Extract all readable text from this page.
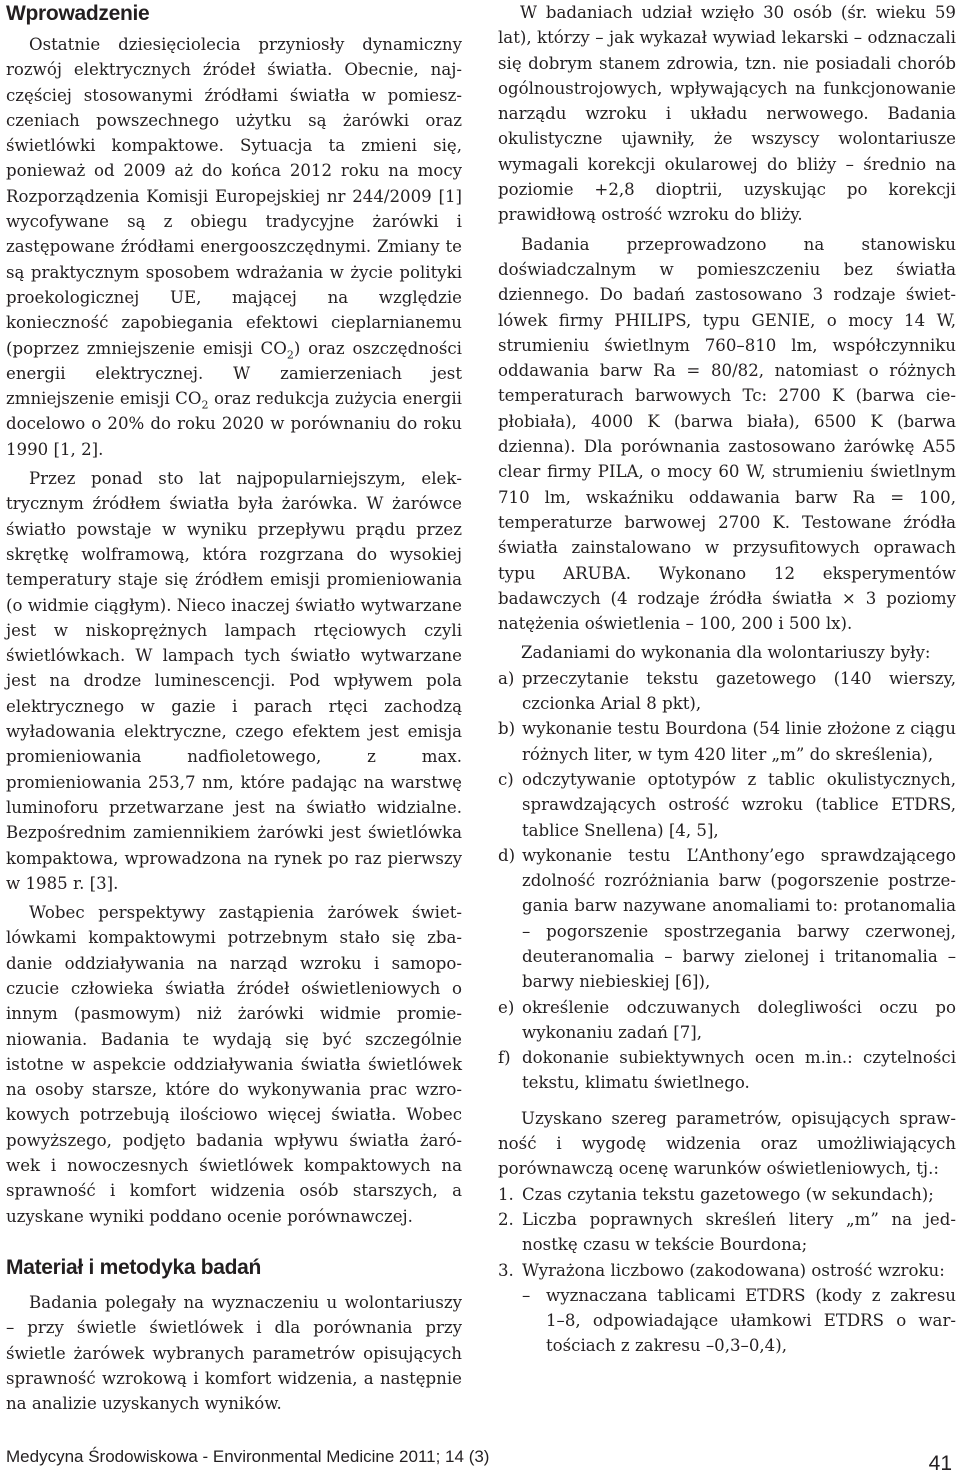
Wprowadzenie

Ostatnie dziesięciolecia przyniosły dynamiczny rozwój elektrycznych źródeł światła. Obecnie, najczęściej stosowanymi źródłami światła w pomieszczeniach powszechnego użytku są żarówki oraz świetlówki kompaktowe. Sytuacja ta zmieni się, ponieważ od 2009 aż do końca 2012 roku na mocy Rozporządzenia Komisji Europejskiej nr 244/2009 [1] wycofywane są z obiegu tradycyjne żarówki i zastępowane źródłami energooszczędnymi. Zmiany te są praktycznym sposobem wdrażania w życie polityki proekologicznej UE, mającej na względzie konieczność zapobiegania efektowi cieplarnianemu (poprzez zmniejszenie emisji $CO_2$) oraz oszczędności energii elektrycznej. W zamierzeniach jest zmniejszenie emisji $CO_2$ oraz redukcja zużycia energii docelowo o 20% do roku 2020 w porównaniu do roku 1990 [1, 2].

Przez ponad sto lat najpopularniejszym, elektrycznym źródłem światła była żarówka. W żarówce światło powstaje w wyniku przepływu prądu przez skrętkę wolframową, która rozgrzana do wysokiej temperatury staje się źródłem emisji promieniowania (o widmie ciągłym). Nieco inaczej światło wytwarzane jest w niskoprężnych lampach rtęciowych czyli świetlówkach. W lampach tych światło wytwarzane jest na drodze luminescencji. Pod wpływem pola elektrycznego w gazie i parach rtęci zachodzą wyładowania elektryczne, czego efektem jest emisja promieniowania nadfioletowego, z max. promieniowania 253,7 nm, które padając na warstwę luminoforu przetwarzane jest na światło widzialne. Bezpośrednim zamiennikiem żarówki jest świetlówka kompaktowa, wprowadzona na rynek po raz pierwszy w 1985 r. [3].

Wobec perspektywy zastąpienia żarówek świetlówkami kompaktowymi potrzebnym stało się zbadanie oddziaływania na narząd wzroku i samopoczucie człowieka światła źródeł oświetleniowych o innym (pasmowym) niż żarówki widmie promieniowania. Badania te wydają się być szczególnie istotne w aspekcie oddziaływania światła świetlówek na osoby starsze, które do wykonywania prac wzrokowych potrzebują ilościowo więcej światła. Wobec powyższego, podjęto badania wpływu światła żarówek i nowoczesnych świetlówek kompaktowych na sprawność i komfort widzenia osób starszych, a uzyskane wyniki poddano ocenie porównawczej.

Materiał i metodyka badań

Badania polegały na wyznaczeniu u wolontariuszy – przy świetle świetlówek i dla porównania przy świetle żarówek wybranych parametrów opisujących sprawność wzrokową i komfort widzenia, a następnie na analizie uzyskanych wyników.

W badaniach udział wzięło 30 osób (śr. wieku 59 lat), którzy – jak wykazał wywiad lekarski – odznaczali się dobrym stanem zdrowia, tzn. nie posiadali chorób ogólnoustrojowych, wpływających na funkcjonowanie narządu wzroku i układu nerwowego. Badania okulistyczne ujawniły, że wszyscy wolontariusze wymagali korekcji okularowej do bliży – średnio na poziomie +2,8 dioptrii, uzyskując po korekcji prawidłową ostrość wzroku do bliży.

Badania przeprowadzono na stanowisku doświadczalnym w pomieszczeniu bez światła dziennego. Do badań zastosowano 3 rodzaje świetlówek firmy PHILIPS, typu GENIE, o mocy 14 W, strumieniu świetlnym 760–810 lm, współczynniku oddawania barw Ra = 80/82, natomiast o różnych temperaturach barwowych Tc: 2700 K (barwa ciepłobiała), 4000 K (barwa biała), 6500 K (barwa dzienna). Dla porównania zastosowano żarówkę A55 clear firmy PILA, o mocy 60 W, strumieniu świetlnym 710 lm, wskaźniku oddawania barw Ra = 100, temperaturze barwowej 2700 K. Testowane źródła światła zainstalowano w przysufitowych oprawach typu ARUBA. Wykonano 12 eksperymentów badawczych (4 rodzaje źródła światła × 3 poziomy natężenia oświetlenia – 100, 200 i 500 lx).

Zadaniami do wykonania dla wolontariuszy były:

a) przeczytanie tekstu gazetowego (140 wierszy, czcionka Arial 8 pkt),
b) wykonanie testu Bourdona (54 linie złożone z ciągu różnych liter, w tym 420 liter „m” do skreślenia),
c) odczytywanie optotypów z tablic okulistycznych, sprawdzających ostrość wzroku (tablice ETDRS, tablice Snellena) [4, 5],
d) wykonanie testu L’Anthony’ego sprawdzającego zdolność rozróżniania barw (pogorszenie postrzegania barw nazywane anomaliami to: protanomalia – pogorszenie spostrzegania barwy czerwonej, deuteranomalia – barwy zielonej i tritanomalia – barwy niebieskiej [6]),
e) określenie odczuwanych dolegliwości oczu po wykonaniu zadań [7],
f) dokonanie subiektywnych ocen m.in.: czytelności tekstu, klimatu świetlnego.

Uzyskano szereg parametrów, opisujących sprawność i wygodę widzenia oraz umożliwiających porównawczą ocenę warunków oświetleniowych, tj.:

1. Czas czytania tekstu gazetowego (w sekundach);
2. Liczba poprawnych skreśleń litery „m” na jednostkę czasu w tekście Bourdona;
3. Wyrażona liczbowo (zakodowana) ostrość wzroku:
– wyznaczana tablicami ETDRS (kody z zakresu 1–8, odpowiadające ułamkowi ETDRS o wartościach z zakresu –0,3–0,4),
Medycyna Środowiskowa - Environmental Medicine 2011; 14 (3)	41
